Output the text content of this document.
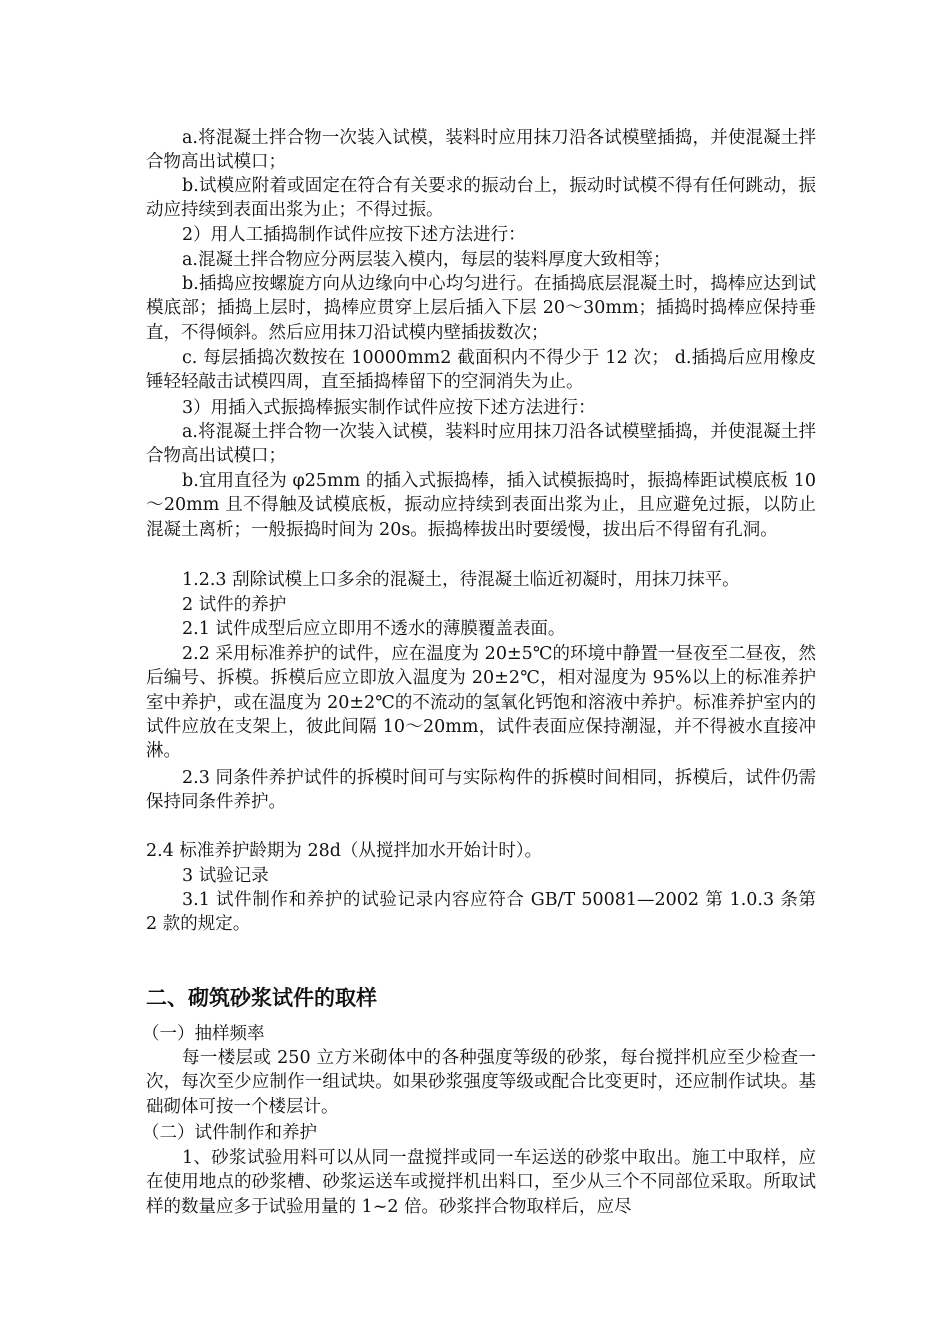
a.将混凝土拌合物一次装入试模，装料时应用抹刀沿各试模壁插捣，并使混凝土拌合物高出试模口；

b.试模应附着或固定在符合有关要求的振动台上，振动时试模不得有任何跳动，振动应持续到表面出浆为止；不得过振。

2）用人工插捣制作试件应按下述方法进行：

a.混凝土拌合物应分两层装入模内，每层的装料厚度大致相等；

b.插捣应按螺旋方向从边缘向中心均匀进行。在插捣底层混凝土时，捣棒应达到试模底部；插捣上层时，捣棒应贯穿上层后插入下层 20～30mm；插捣时捣棒应保持垂直，不得倾斜。然后应用抹刀沿试模内壁插拔数次；

c. 每层插捣次数按在 10000mm2 截面积内不得少于 12 次； d.插捣后应用橡皮锤轻轻敲击试模四周，直至插捣棒留下的空洞消失为止。

3）用插入式振捣棒振实制作试件应按下述方法进行：

a.将混凝土拌合物一次装入试模，装料时应用抹刀沿各试模壁插捣，并使混凝土拌合物高出试模口；

b.宜用直径为 φ25mm 的插入式振捣棒，插入试模振捣时，振捣棒距试模底板 10～20mm 且不得触及试模底板，振动应持续到表面出浆为止，且应避免过振，以防止混凝土离析；一般振捣时间为 20s。振捣棒拔出时要缓慢，拔出后不得留有孔洞。

1.2.3 刮除试模上口多余的混凝土，待混凝土临近初凝时，用抹刀抹平。

2 试件的养护

2.1 试件成型后应立即用不透水的薄膜覆盖表面。

2.2 采用标准养护的试件，应在温度为 20±5℃的环境中静置一昼夜至二昼夜，然后编号、拆模。拆模后应立即放入温度为 20±2℃，相对湿度为 95%以上的标准养护室中养护，或在温度为 20±2℃的不流动的氢氧化钙饱和溶液中养护。标准养护室内的试件应放在支架上，彼此间隔 10～20mm，试件表面应保持潮湿，并不得被水直接冲淋。

2.3 同条件养护试件的拆模时间可与实际构件的拆模时间相同，拆模后，试件仍需保持同条件养护。

2.4 标准养护龄期为 28d（从搅拌加水开始计时）。

3 试验记录

3.1 试件制作和养护的试验记录内容应符合 GB/T 50081—2002 第 1.0.3 条第 2 款的规定。

二、砌筑砂浆试件的取样

（一）抽样频率

每一楼层或 250 立方米砌体中的各种强度等级的砂浆，每台搅拌机应至少检查一次，每次至少应制作一组试块。如果砂浆强度等级或配合比变更时，还应制作试块。基础砌体可按一个楼层计。

（二）试件制作和养护

1、砂浆试验用料可以从同一盘搅拌或同一车运送的砂浆中取出。施工中取样，应在使用地点的砂浆槽、砂浆运送车或搅拌机出料口，至少从三个不同部位采取。所取试样的数量应多于试验用量的 1~2 倍。砂浆拌合物取样后，应尽
